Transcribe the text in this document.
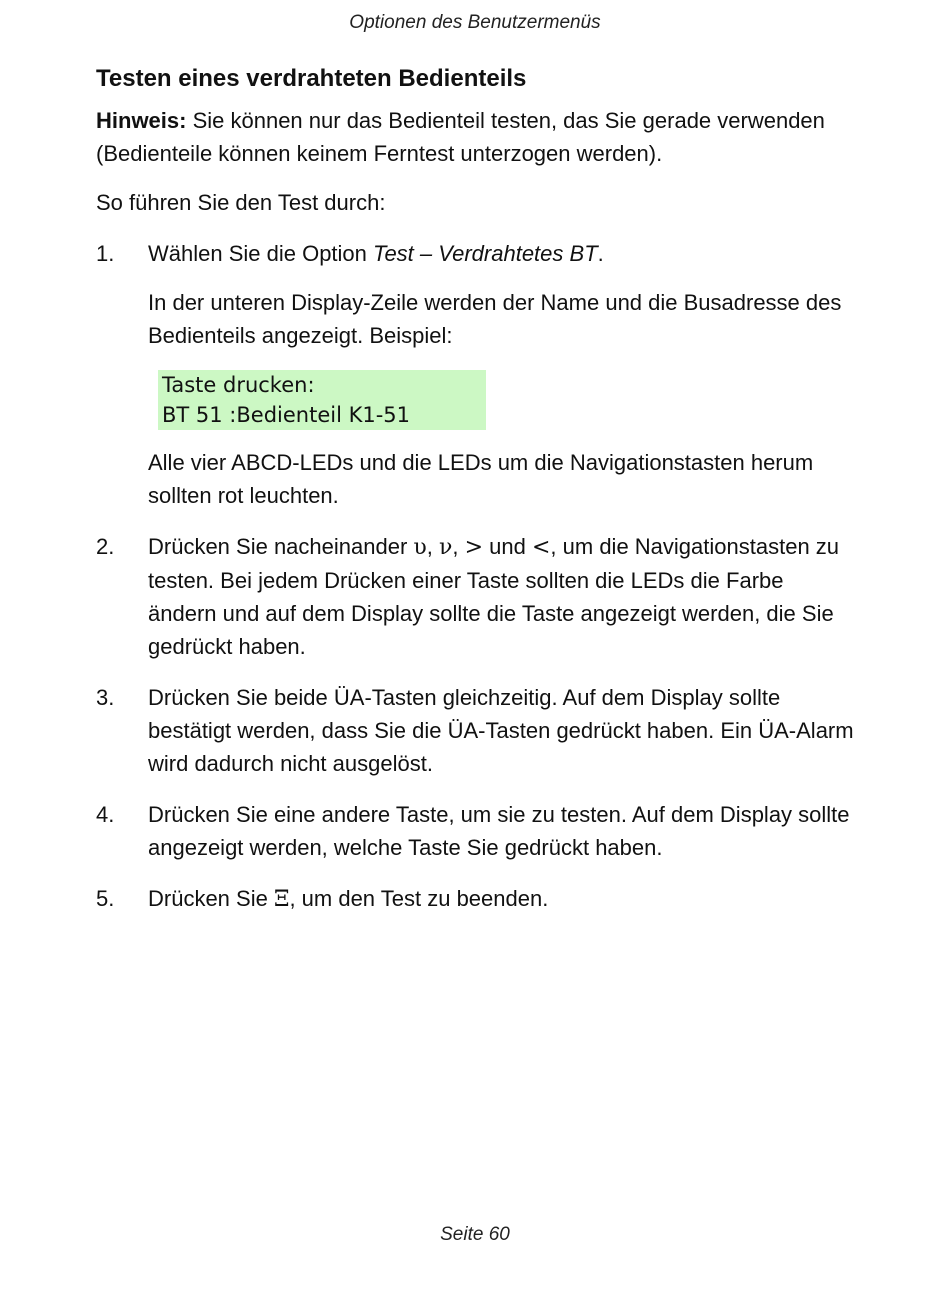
Optionen des Benutzermenüs
Testen eines verdrahteten Bedienteils

Hinweis: Sie können nur das Bedienteil testen, das Sie gerade verwenden (Bedienteile können keinem Ferntest unterzogen werden).

So führen Sie den Test durch:

1. Wählen Sie die Option Test – Verdrahtetes BT.

In der unteren Display-Zeile werden der Name und die Busadresse des Bedienteils angezeigt. Beispiel:

Taste drucken:
BT 51 :Bedienteil K1-51

Alle vier ABCD-LEDs und die LEDs um die Navigationstasten herum sollten rot leuchten.

2. Drücken Sie nacheinander υ, ν, > und <, um die Navigationstasten zu testen. Bei jedem Drücken einer Taste sollten die LEDs die Farbe ändern und auf dem Display sollte die Taste angezeigt werden, die Sie gedrückt haben.

3. Drücken Sie beide ÜA-Tasten gleichzeitig. Auf dem Display sollte bestätigt werden, dass Sie die ÜA-Tasten gedrückt haben. Ein ÜA-Alarm wird dadurch nicht ausgelöst.

4. Drücken Sie eine andere Taste, um sie zu testen. Auf dem Display sollte angezeigt werden, welche Taste Sie gedrückt haben.

5. Drücken Sie Ξ, um den Test zu beenden.

Seite 60
